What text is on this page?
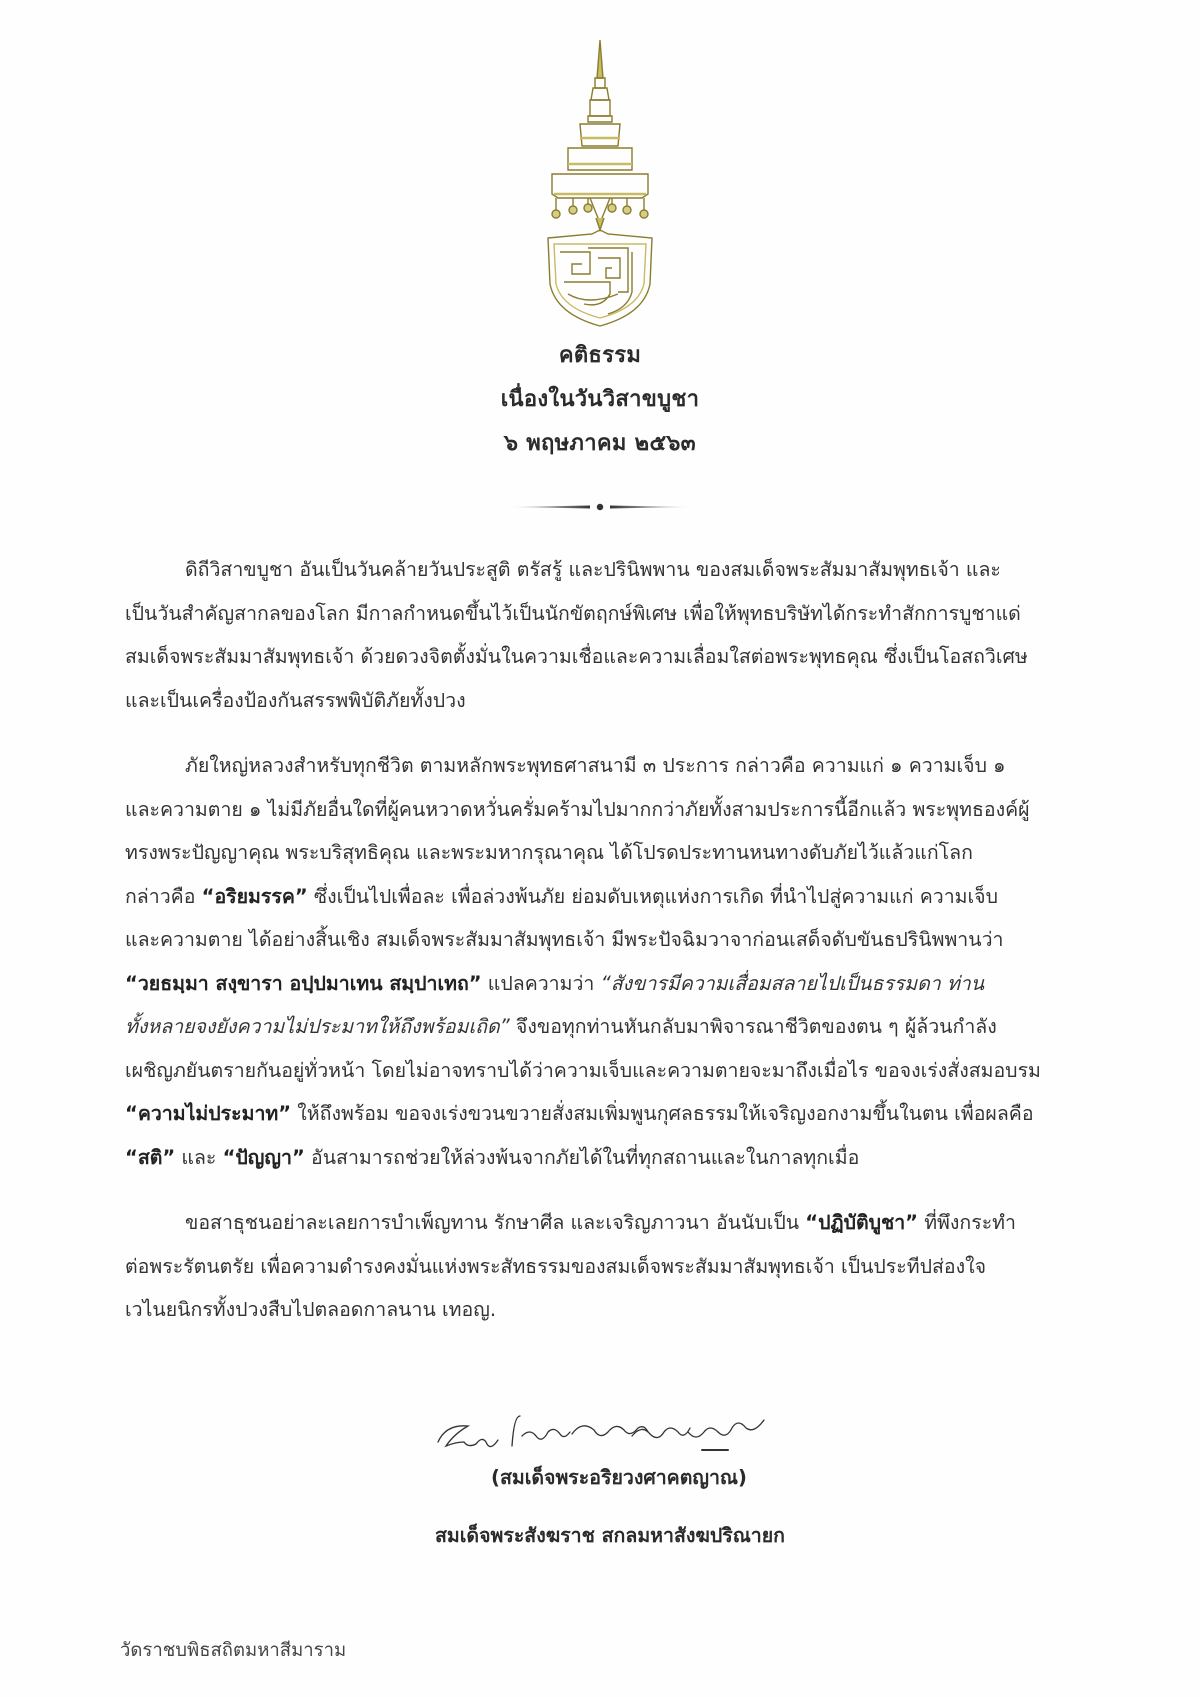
คติธรรม
เนื่องในวันวิสาขบูชา
๖ พฤษภาคม ๒๕๖๓
ดิถีวิสาขบูชา อันเป็นวันคล้ายวันประสูติ ตรัสรู้ และปรินิพพาน ของสมเด็จพระสัมมาสัมพุทธเจ้า และ
เป็นวันสำคัญสากลของโลก มีกาลกำหนดขึ้นไว้เป็นนักขัตฤกษ์พิเศษ เพื่อให้พุทธบริษัทได้กระทำสักการบูชาแด่
สมเด็จพระสัมมาสัมพุทธเจ้า ด้วยดวงจิตตั้งมั่นในความเชื่อและความเลื่อมใสต่อพระพุทธคุณ ซึ่งเป็นโอสถวิเศษ
และเป็นเครื่องป้องกันสรรพพิบัติภัยทั้งปวง
ภัยใหญ่หลวงสำหรับทุกชีวิต ตามหลักพระพุทธศาสนามี ๓ ประการ กล่าวคือ ความแก่ ๑ ความเจ็บ ๑
และความตาย ๑ ไม่มีภัยอื่นใดที่ผู้คนหวาดหวั่นครั่มคร้ามไปมากกว่าภัยทั้งสามประการนี้อีกแล้ว พระพุทธองค์ผู้
ทรงพระปัญญาคุณ พระบริสุทธิคุณ และพระมหากรุณาคุณ ได้โปรดประทานหนทางดับภัยไว้แล้วแก่โลก
กล่าวคือ “อริยมรรค” ซึ่งเป็นไปเพื่อละ เพื่อล่วงพ้นภัย ย่อมดับเหตุแห่งการเกิด ที่นำไปสู่ความแก่ ความเจ็บ
และความตาย ได้อย่างสิ้นเชิง สมเด็จพระสัมมาสัมพุทธเจ้า มีพระปัจฉิมวาจาก่อนเสด็จดับขันธปรินิพพานว่า
“วยธมฺมา สงฺขารา อปฺปมาเทน สมฺปาเทถ” แปลความว่า “สังขารมีความเสื่อมสลายไปเป็นธรรมดา ท่าน
ทั้งหลายจงยังความไม่ประมาทให้ถึงพร้อมเถิด” จึงขอทุกท่านหันกลับมาพิจารณาชีวิตของตน ๆ ผู้ล้วนกำลัง
เผชิญภยันตรายกันอยู่ทั่วหน้า โดยไม่อาจทราบได้ว่าความเจ็บและความตายจะมาถึงเมื่อไร ขอจงเร่งสั่งสมอบรม
“ความไม่ประมาท” ให้ถึงพร้อม ขอจงเร่งขวนขวายสั่งสมเพิ่มพูนกุศลธรรมให้เจริญงอกงามขึ้นในตน เพื่อผลคือ
“สติ” และ “ปัญญา” อันสามารถช่วยให้ล่วงพ้นจากภัยได้ในที่ทุกสถานและในกาลทุกเมื่อ
ขอสาธุชนอย่าละเลยการบำเพ็ญทาน รักษาศีล และเจริญภาวนา อันนับเป็น “ปฏิบัติบูชา” ที่พึงกระทำ
ต่อพระรัตนตรัย เพื่อความดำรงคงมั่นแห่งพระสัทธรรมของสมเด็จพระสัมมาสัมพุทธเจ้า เป็นประทีปส่องใจ
เวไนยนิกรทั้งปวงสืบไปตลอดกาลนาน เทอญ.
(สมเด็จพระอริยวงศาคตญาณ)
สมเด็จพระสังฆราช สกลมหาสังฆปริณายก
วัดราชบพิธสถิตมหาสีมาราม
